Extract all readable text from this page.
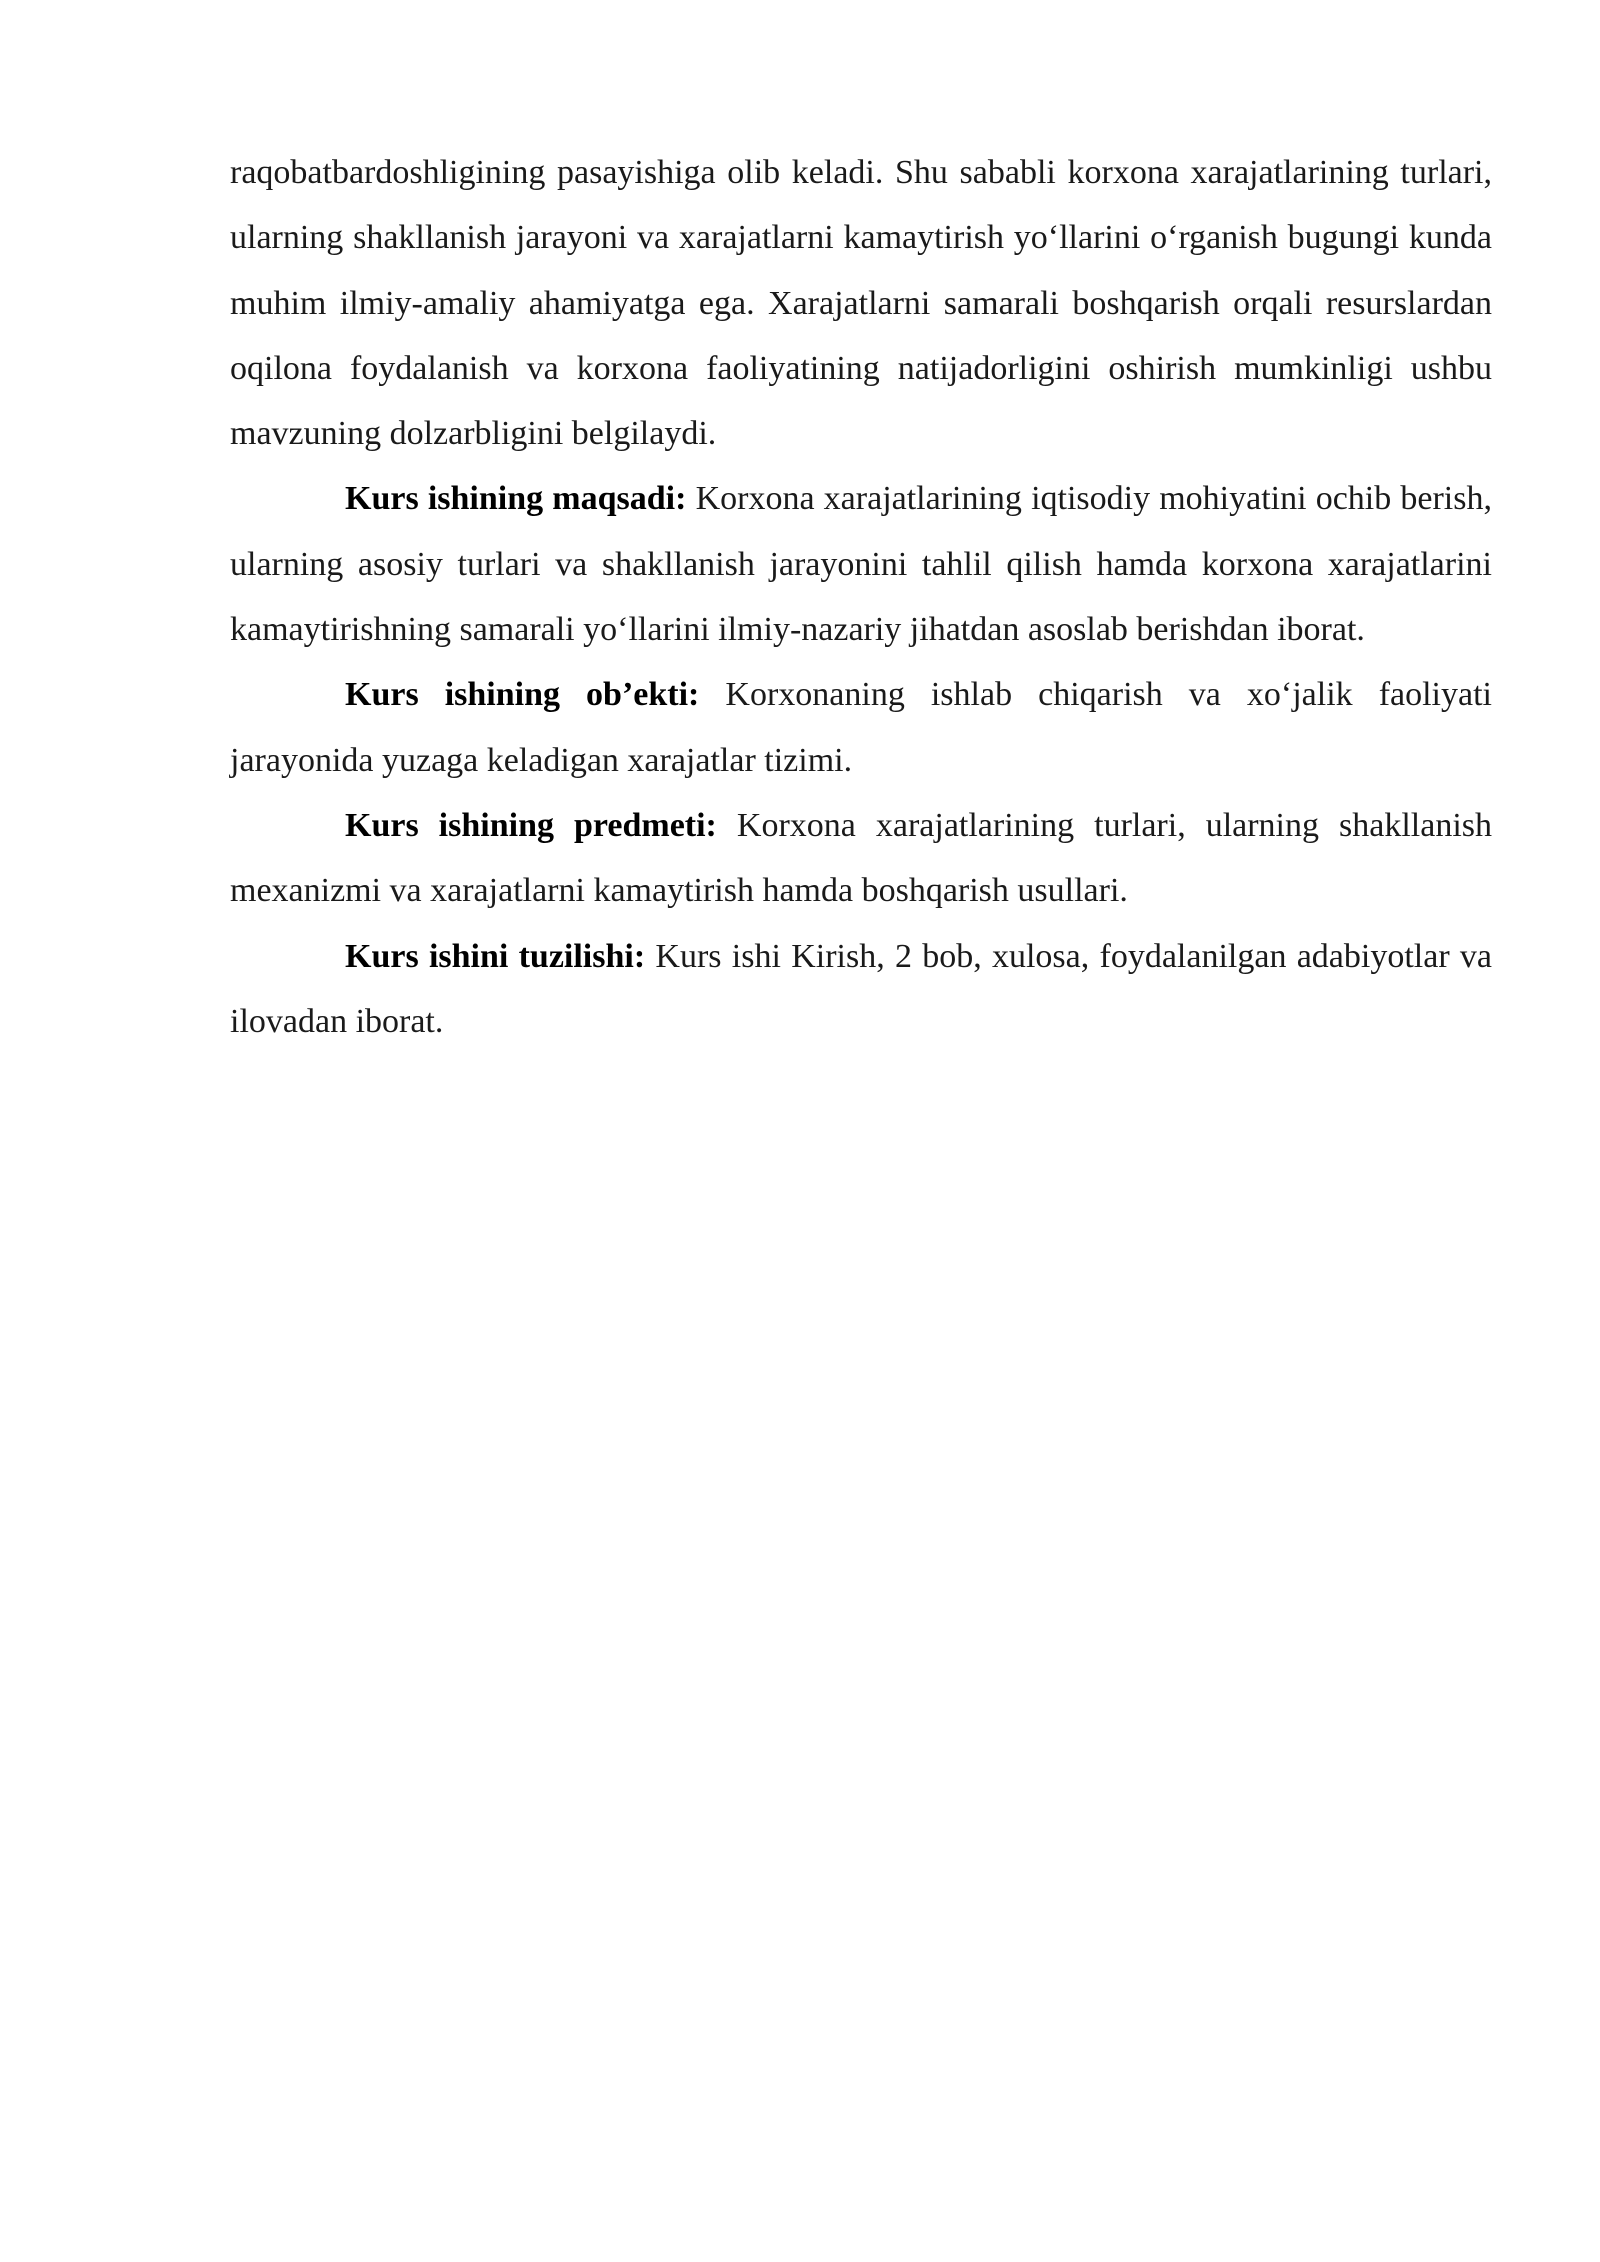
raqobatbardoshligining pasayishiga olib keladi. Shu sababli korxona xarajatlarining turlari, ularning shakllanish jarayoni va xarajatlarni kamaytirish yo‘llarini o‘rganish bugungi kunda muhim ilmiy-amaliy ahamiyatga ega. Xarajatlarni samarali boshqarish orqali resurslardan oqilona foydalanish va korxona faoliyatining natijadorligini oshirish mumkinligi ushbu mavzuning dolzarbligini belgilaydi.

Kurs ishining maqsadi: Korxona xarajatlarining iqtisodiy mohiyatini ochib berish, ularning asosiy turlari va shakllanish jarayonini tahlil qilish hamda korxona xarajatlarini kamaytirishning samarali yo‘llarini ilmiy-nazariy jihatdan asoslab berishdan iborat.

Kurs ishining ob’ekti: Korxonaning ishlab chiqarish va xo‘jalik faoliyati jarayonida yuzaga keladigan xarajatlar tizimi.

Kurs ishining predmeti: Korxona xarajatlarining turlari, ularning shakllanish mexanizmi va xarajatlarni kamaytirish hamda boshqarish usullari.

Kurs ishini tuzilishi: Kurs ishi Kirish, 2 bob, xulosa, foydalanilgan adabiyotlar va ilovadan iborat.
